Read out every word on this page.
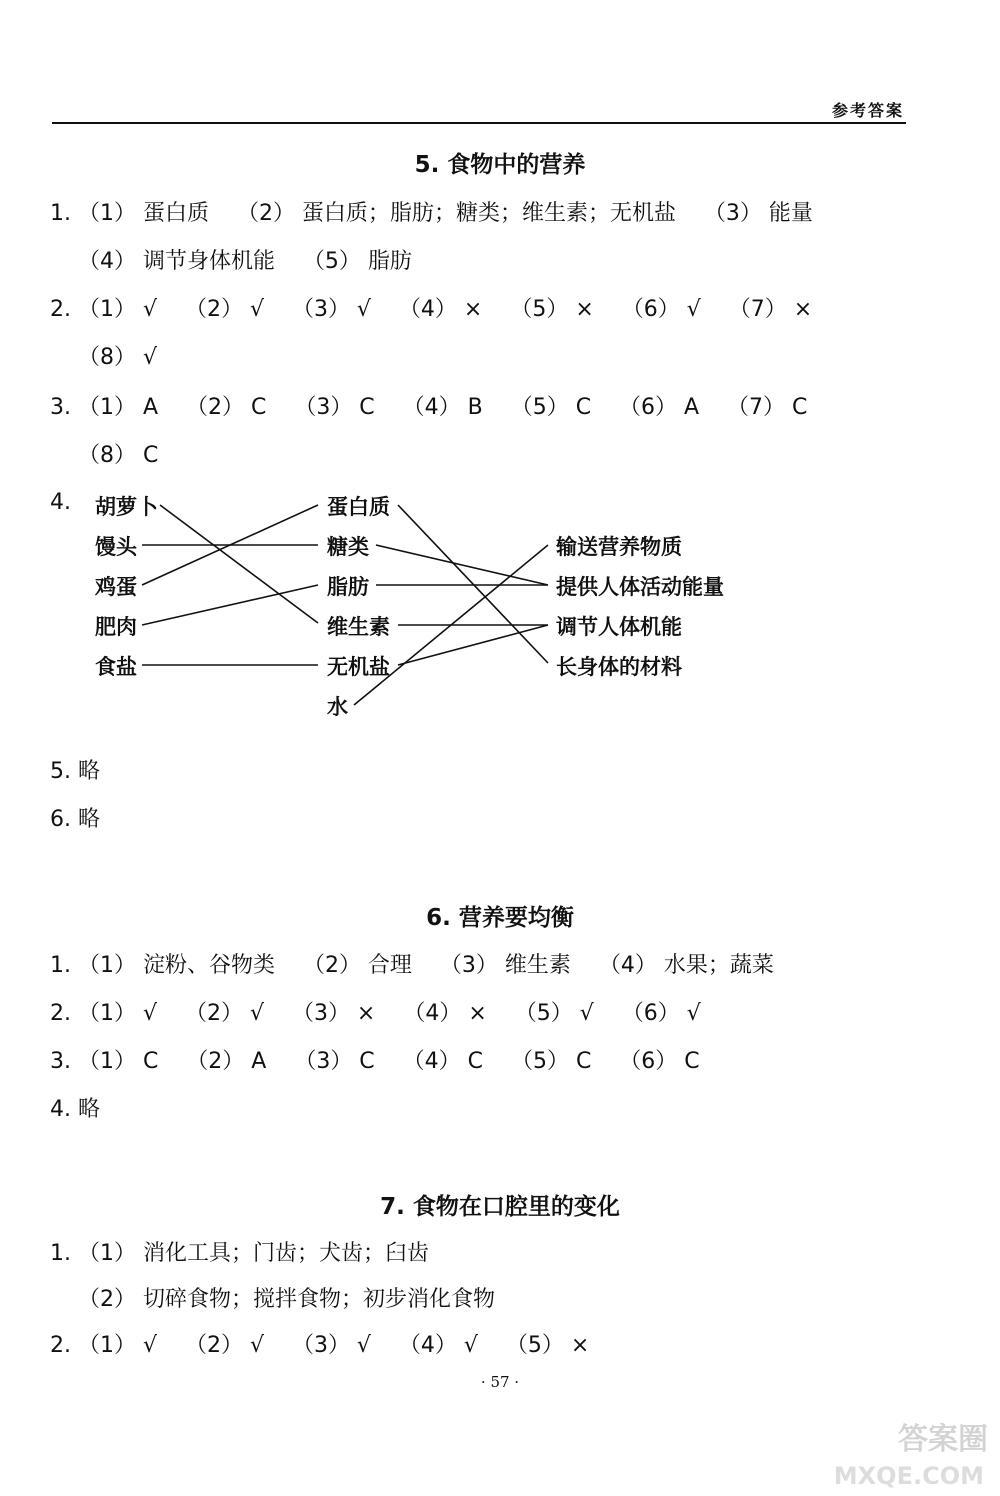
参考答案
5. 食物中的营养
1. （1） 蛋白质    （2） 蛋白质；脂肪；糖类；维生素；无机盐    （3） 能量
（4） 调节身体机能    （5） 脂肪
2. （1） √    （2） √    （3） √    （4） ×    （5） ×    （6） √    （7） ×
（8） √
3. （1） A    （2） C    （3） C    （4） B    （5） C    （6） A    （7） C
（8） C
4. 胡萝卜
馒头
鸡蛋
肥肉
食盐
蛋白质
糖类
脂肪
维生素
无机盐
水
输送营养物质
提供人体活动能量
调节人体机能
长身体的材料
5. 略
6. 略
6. 营养要均衡
1. （1） 淀粉、谷物类    （2） 合理    （3） 维生素    （4） 水果；蔬菜
2. （1） √    （2） √    （3） ×    （4） ×    （5） √    （6） √
3. （1） C    （2） A    （3） C    （4） C    （5） C    （6） C
4. 略
7. 食物在口腔里的变化
1. （1） 消化工具；门齿；犬齿；臼齿
（2） 切碎食物；搅拌食物；初步消化食物
2. （1） √    （2） √    （3） √    （4） √    （5） ×
· 57 ·
答案圈
MXQE.COM
